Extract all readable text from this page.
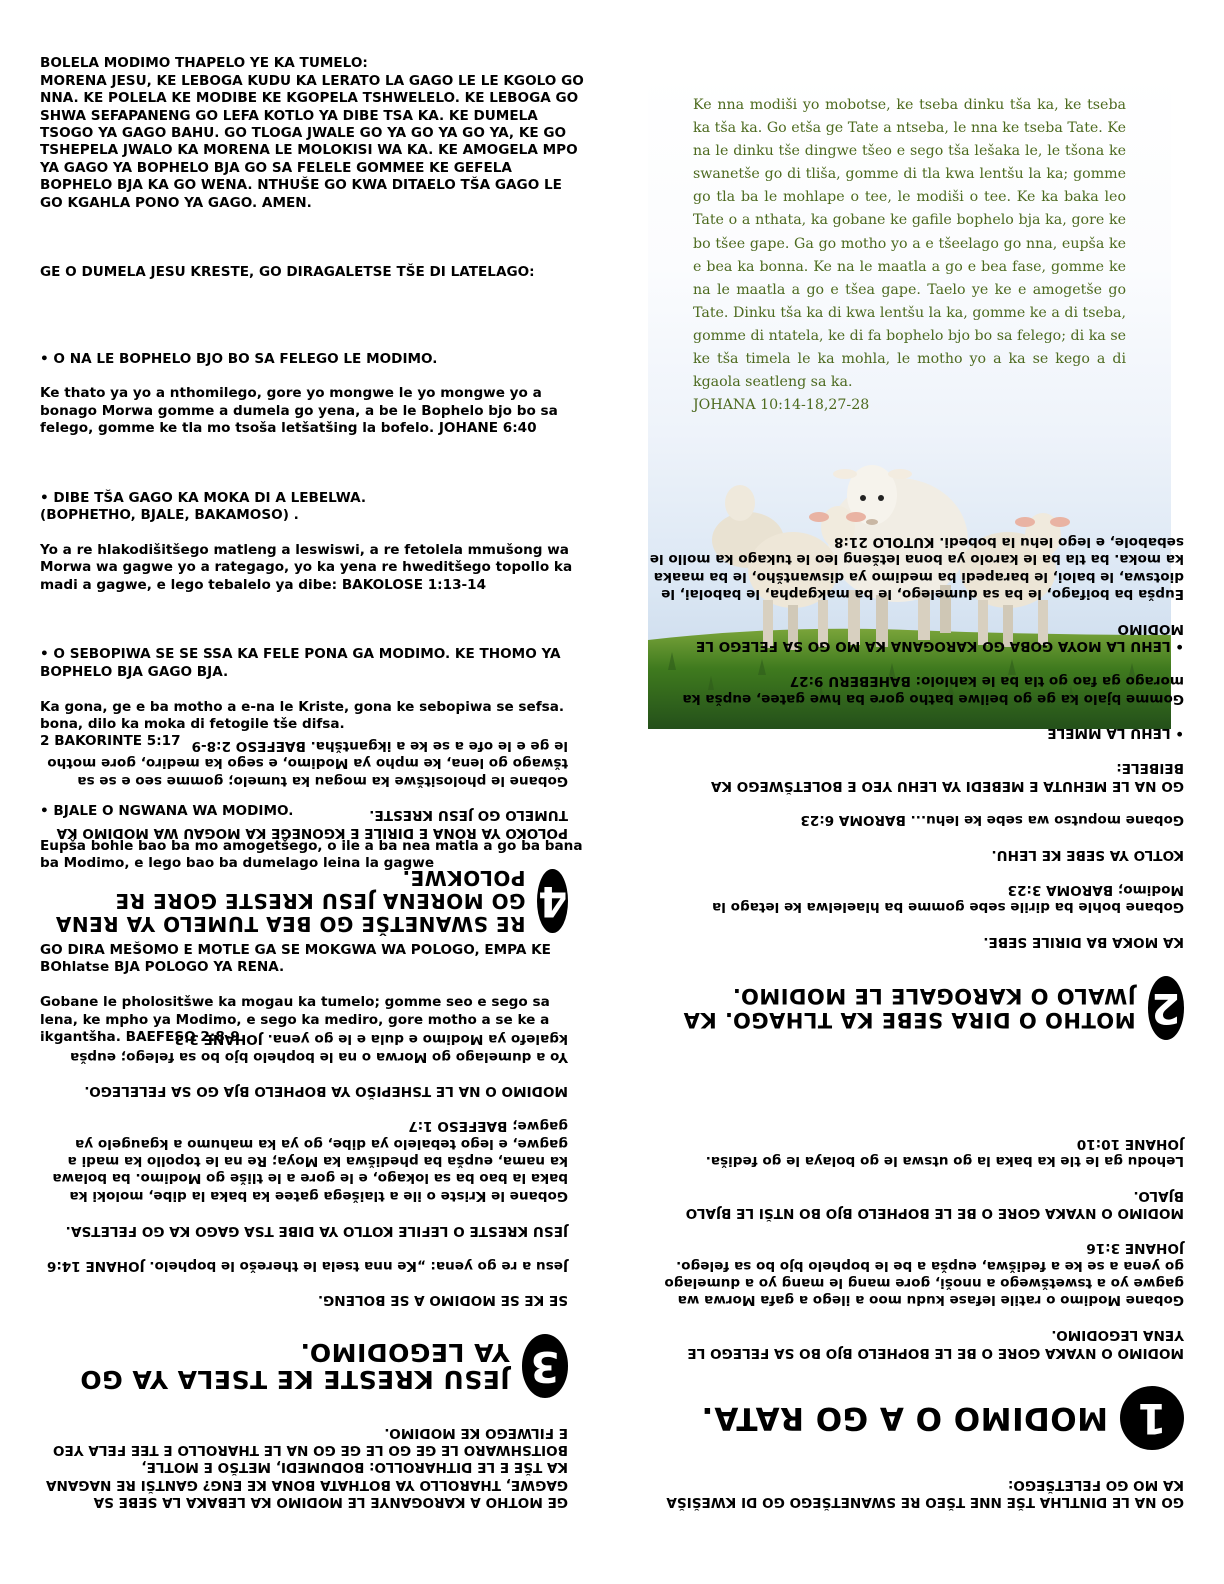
BOLELA MODIMO THAPELO YE KA TUMELO:
MORENA JESU, KE LEBOGA KUDU KA LERATO LA GAGO LE LE KGOLO GO NNA. KE POLELA KE MODIBE KE KGOPELA TSHWELELO. KE LEBOGA GO SHWA SEFAPANENG GO LEFA KOTLO YA DIBE TSA KA. KE DUMELA TSOGO YA GAGO BAHU. GO TLOGA JWALE GO YA GO YA GO YA, KE GO TSHEPELA JWALO KA MORENA LE MOLOKISI WA KA. KE AMOGELA MPO YA GAGO YA BOPHELO BJA GO SA FELELE GOMMEE KE GEFELA BOPHELO BJA KA GO WENA. NTHUŠE GO KWA DITAELO TŠA GAGO LE GO KGAHLA PONO YA GAGO. AMEN.

GE O DUMELA JESU KRESTE, GO DIRAGALETSE TŠE DI LATELAGO:

• O NA LE BOPHELO BJO BO SA FELEGO LE MODIMO.

Ke thato ya yo a nthomilego, gore yo mongwe le yo mongwe yo a bonago Morwa gomme a dumela go yena, a be le Bophelo bjo bo sa felego, gomme ke tla mo tsoša letšatšing la bofelo. JOHANE 6:40

• DIBE TŠA GAGO KA MOKA DI A LEBELWA.
(BOPHETHO, BJALE, BAKAMOSO) .

Yo a re hlakodišitšego matleng a leswiswi, a re fetolela mmušong wa Morwa wa gagwe yo a rategago, yo ka yena re hweditšego topollo ka madi a gagwe, e lego tebalelo ya dibe: BAKOLOSE 1:13-14

• O SEBOPIWA SE SE SSA KA FELE PONA GA MODIMO. KE THOMO YA BOPHELO BJA GAGO BJA.

Ka gona, ge e ba motho a e-na le Kriste, gona ke sebopiwa se sefsa. bona, dilo ka moka di fetogile tše difsa.
2 BAKORINTE 5:17

• BJALE O NGWANA WA MODIMO.

Eupša bohle bao ba mo amogetšego, o ile a ba nea matla a go ba bana ba Modimo, e lego bao ba dumelago leina la gagwe

GO DIRA MEŠOMO E MOTLE GA SE MOKGWA WA POLOGO, EMPA KE BOhlatse BJA POLOGO YA RENA.

Gobane le pholositšwe ka mogau ka tumelo; gomme seo e sego sa lena, ke mpho ya Modimo, e sego ka mediro, gore motho a se ke a ikgantšha. BAEFESO 2:8-9

Ke nna modiši yo mobotse, ke tseba dinku tša ka, ke tseba ka tša ka. Go etša ge Tate a ntseba, le nna ke tseba Tate. Ke na le dinku tše dingwe tšeo e sego tša lešaka le, le tšona ke swanetše go di tliša, gomme di tla kwa lentšu la ka; gomme go tla ba le mohlape o tee, le modiši o tee. Ke ka baka leo Tate o a nthata, ka gobane ke gafile bophelo bja ka, gore ke bo tšee gape. Ga go motho yo a e tšeelago go nna, eupša ke e bea ka bonna. Ke na le maatla a go e bea fase, gomme ke na le maatla a go e tšea gape. Taelo ye ke e amogetše go Tate. Dinku tša ka di kwa lentšu la ka, gomme ke a di tseba, gomme di ntatela, ke di fa bophelo bjo bo sa felego; di ka se ke tša timela le ka mohla, le motho yo a ka se kego a di kgaola seatleng sa ka.
JOHANA 10:14-18,27-28

GE MOTHO A KAROGANYE LE MODIMO KA LEBAKA LA SEBE SA GAGWE, THAROLLO YA BOTHATA BONA KE ENG? GANTŠI RE NAGANA KA TŠE E LE DITHAROLLO: BODUMEDI, METŠO E MOTLE, BOITSHWARO LE GE GO LE GE GO NA LE THAROLLO E TEE FELA YEO E FILWEGO KE MODIMO.

3
JESU KRESTE KE TSELA YA GO YA LEGODIMO.

SE KE SE MODIMO A SE BOLENG.

Jesu a re go yena: „Ke nna tsela le therešo le bophelo. JOHANE 14:6

JESU KRESTE O LEFILE KOTLO YA DIBE TSA GAGO KA GO FELETSA.

Gobane le Kriste o ile a tlaišega gatee ka baka la dibe, moloki ka baka la bao ba sa lokago, e le gore a le tliše go Modimo. ba bolawa ka nama, eupša ba phedišwa ka Moya; Re na le topollo ka madi a gagwe, e lego tebalelo ya dibe, go ya ka mahumo a kgaugelo ya gagwe; BAEFESO 1:7

MODIMO O NA LE TSHEPIŠO YA BOPHELO BJA GO SA FELELEGO.

Yo a dumelago go Morwa o na le bophelo bjo bo sa felego; eupša kgalefo ya Modimo e dula e le go yena. JOHANE 3:3

4
RE SWANETŠE GO BEA TUMELO YA RENA GO MORENA JESU KRESTE GORE RE POLOKWE.

POLOKO YA RONA E DIRILE E KGONEGE KA MOGAU WA MODIMO KA TUMELO GO JESU KRESTE.

Gobane le pholositšwe ka mogau ka tumelo; gomme seo e se sa tšwago go lena, ke mpho ya Modimo, e sego ka mediro, gore motho le ge e le ofe a se ke a ikgantšha. BAEFESO 2:8-9

GO NA LE DINTLHA TŠE NNE TŠEO RE SWANETŠEGO GO DI KWEŠIŠA KA MO GO FELETŠEGO:

1
MODIMO O A GO RATA.

MODIMO O NYAKA GORE O BE LE BOPHELO BJO BO SA FELEGO LE YENA LEGODIMO.

Gobane Modimo o ratile lefase kudu moo a ilego a gafa Morwa wa gagwe yo a tswetšwego a nnoši, gore mang le mang yo a dumelago go yena a se ke a fedišwa, eupša a be le bophelo bjo bo sa felego. JOHANE 3:16

MODIMO O NYAKA GORE O BE LE BOPHELO BJO BO NTŠI LE BJALO BJALO.

Lehodu ga le tle ka baka la go utswa le go bolaya le go fediša. JOHANE 10:10

2
MOTHO O DIRA SEBE KA TLHAGO. KA JWALO O KAROGALE LE MODIMO.

KA MOKA BA DIRILE SEBE.

Gobane bohle ba dirile sebe gomme ba hlaelelwa ke letago la Modimo; BAROMA 3:23

KOTLO YA SEBE KE LEHU.

Gobane moputso wa sebe ke lehu... BAROMA 6:23

GO NA LE MEHUTA E MEBEDI YA LEHU YEO E BOLETŠWEGO KA BEIBELE:

• LEHU LA MMELE

Gomme bjalo ka ge go beilwe batho gore ba hwe gatee, eupša ka morago ga fao go tla ba le kahlolo: BAHEBERU 9:27

• LEHU LA MOYA GOBA GO KAROGANA KA MO GO SA FELEGO LE MODIMO

Eupša ba boifago, le ba sa dumelego, le ba makgapha, le babolai, le diotswa, le baloi, le barapedi ba medimo ya diswantšho, le ba maaka ka moka. ba tla ba le karolo ya bona letšeng leo le tukago ka mollo le sebabole, e lego lehu la bobedi. KUTOLO 21:8
